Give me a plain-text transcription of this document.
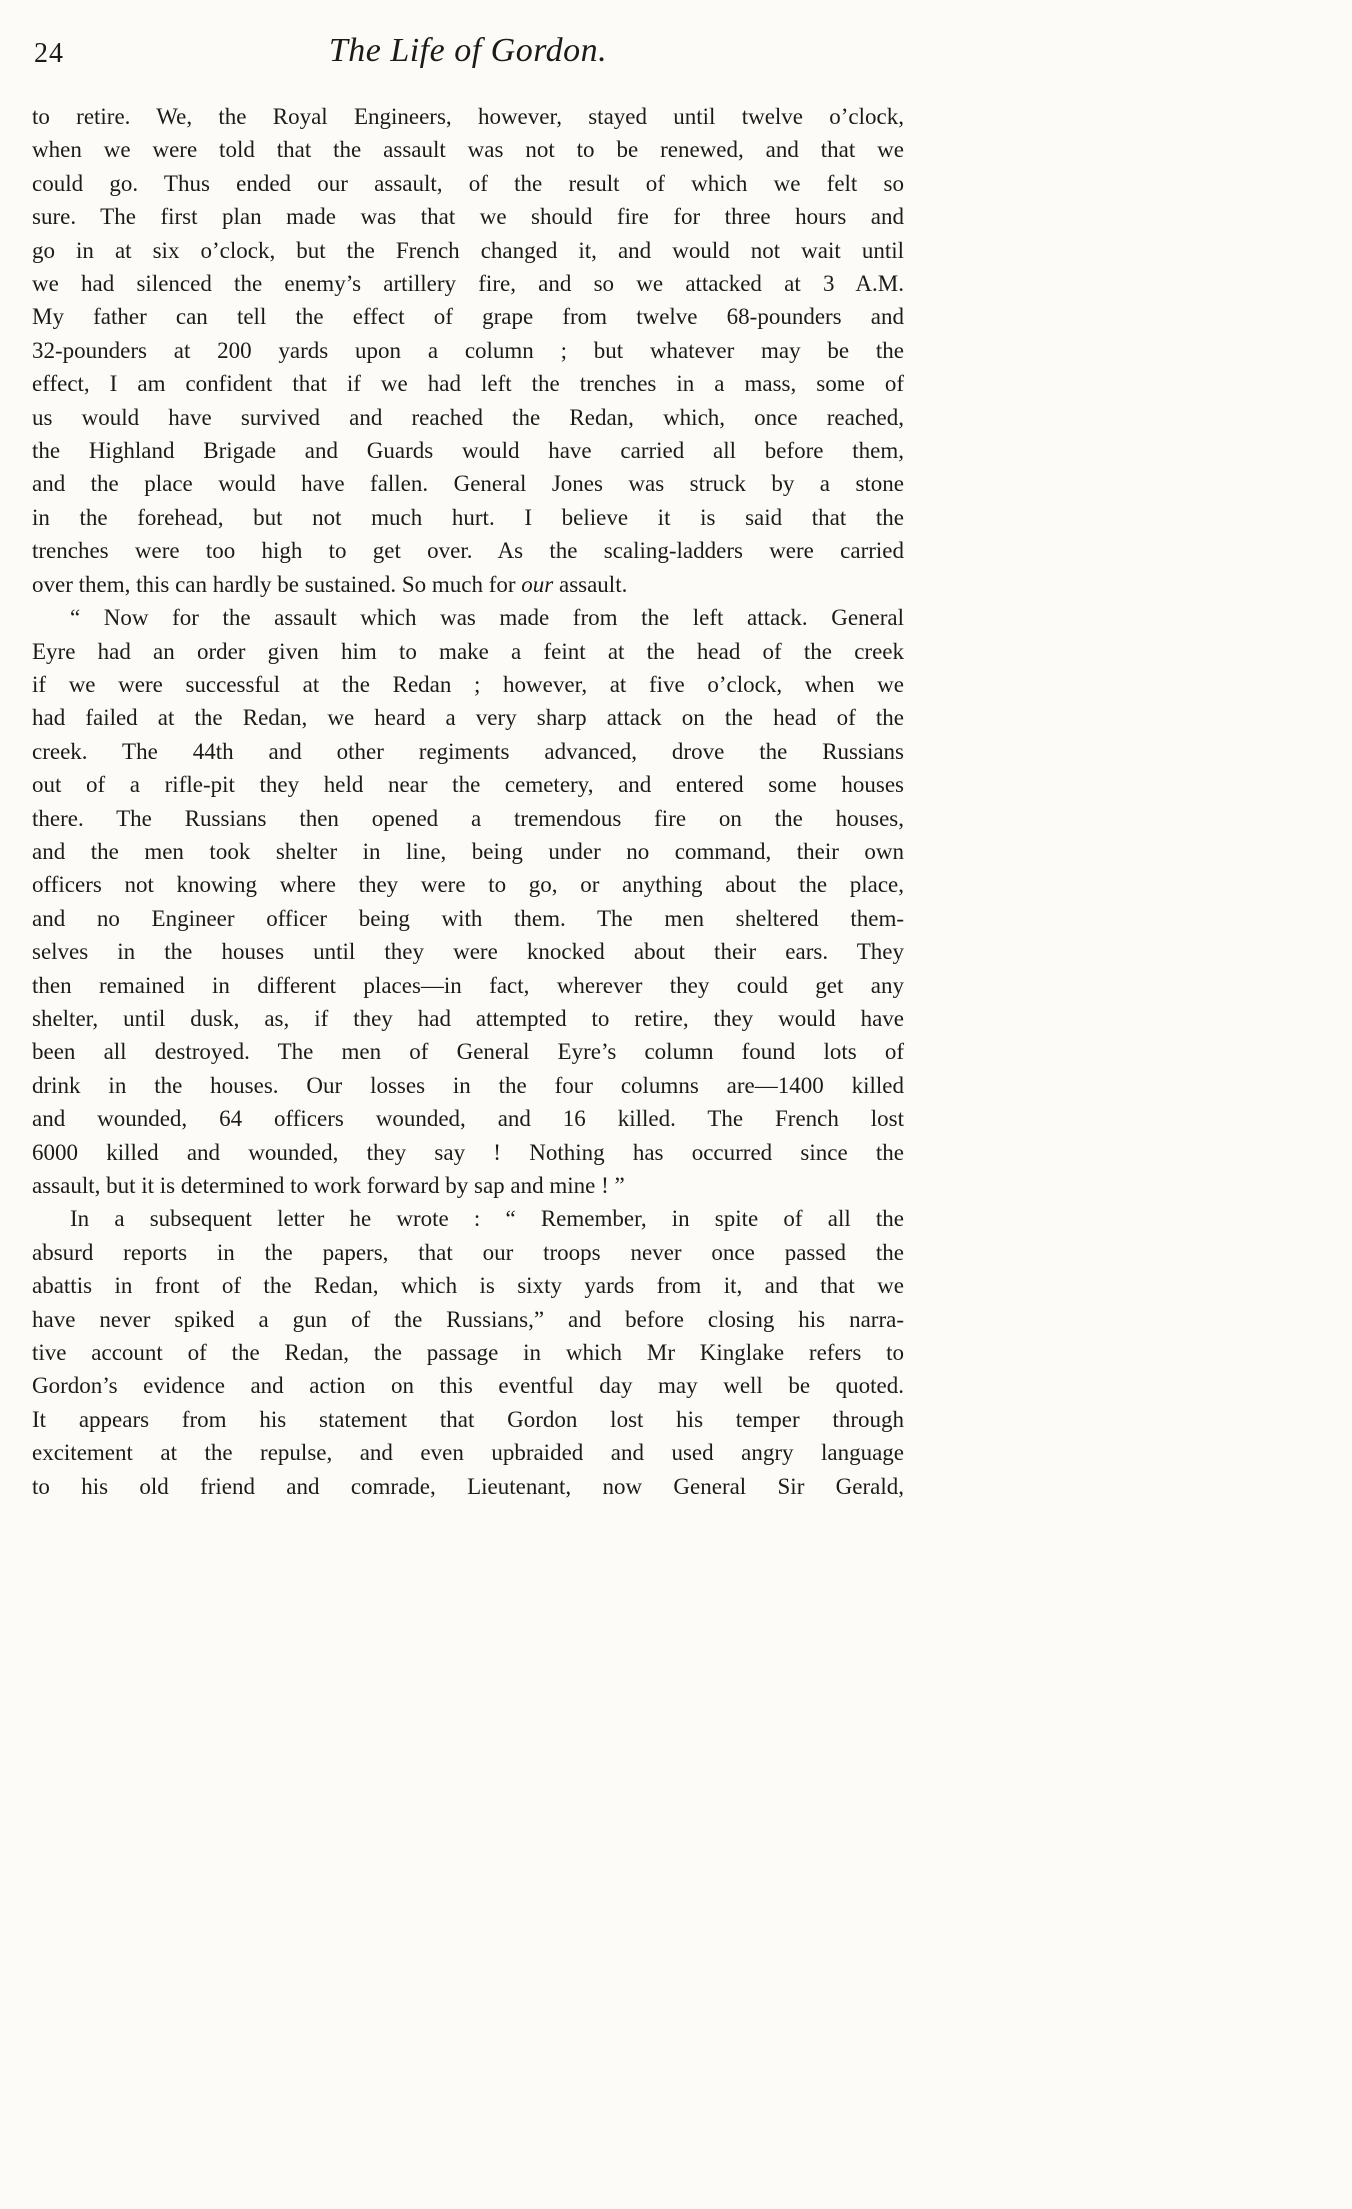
24	The Life of Gordon.
to retire. We, the Royal Engineers, however, stayed until twelve o’clock,
when we were told that the assault was not to be renewed, and that we
could go. Thus ended our assault, of the result of which we felt so
sure. The first plan made was that we should fire for three hours and
go in at six o’clock, but the French changed it, and would not wait until
we had silenced the enemy’s artillery fire, and so we attacked at 3 A.M.
My father can tell the effect of grape from twelve 68-pounders and
32-pounders at 200 yards upon a column ; but whatever may be the
effect, I am confident that if we had left the trenches in a mass, some of
us would have survived and reached the Redan, which, once reached,
the Highland Brigade and Guards would have carried all before them,
and the place would have fallen. General Jones was struck by a stone
in the forehead, but not much hurt. I believe it is said that the
trenches were too high to get over. As the scaling-ladders were carried
over them, this can hardly be sustained. So much for our assault.
“ Now for the assault which was made from the left attack. General
Eyre had an order given him to make a feint at the head of the creek
if we were successful at the Redan ; however, at five o’clock, when we
had failed at the Redan, we heard a very sharp attack on the head of the
creek. The 44th and other regiments advanced, drove the Russians
out of a rifle-pit they held near the cemetery, and entered some houses
there. The Russians then opened a tremendous fire on the houses,
and the men took shelter in line, being under no command, their own
officers not knowing where they were to go, or anything about the place,
and no Engineer officer being with them. The men sheltered them-
selves in the houses until they were knocked about their ears. They
then remained in different places—in fact, wherever they could get any
shelter, until dusk, as, if they had attempted to retire, they would have
been all destroyed. The men of General Eyre’s column found lots of
drink in the houses. Our losses in the four columns are—1400 killed
and wounded, 64 officers wounded, and 16 killed. The French lost
6000 killed and wounded, they say ! Nothing has occurred since the
assault, but it is determined to work forward by sap and mine ! ”
In a subsequent letter he wrote : “ Remember, in spite of all the
absurd reports in the papers, that our troops never once passed the
abattis in front of the Redan, which is sixty yards from it, and that we
have never spiked a gun of the Russians,” and before closing his narra-
tive account of the Redan, the passage in which Mr Kinglake refers to
Gordon’s evidence and action on this eventful day may well be quoted.
It appears from his statement that Gordon lost his temper through
excitement at the repulse, and even upbraided and used angry language
to his old friend and comrade, Lieutenant, now General Sir Gerald,
